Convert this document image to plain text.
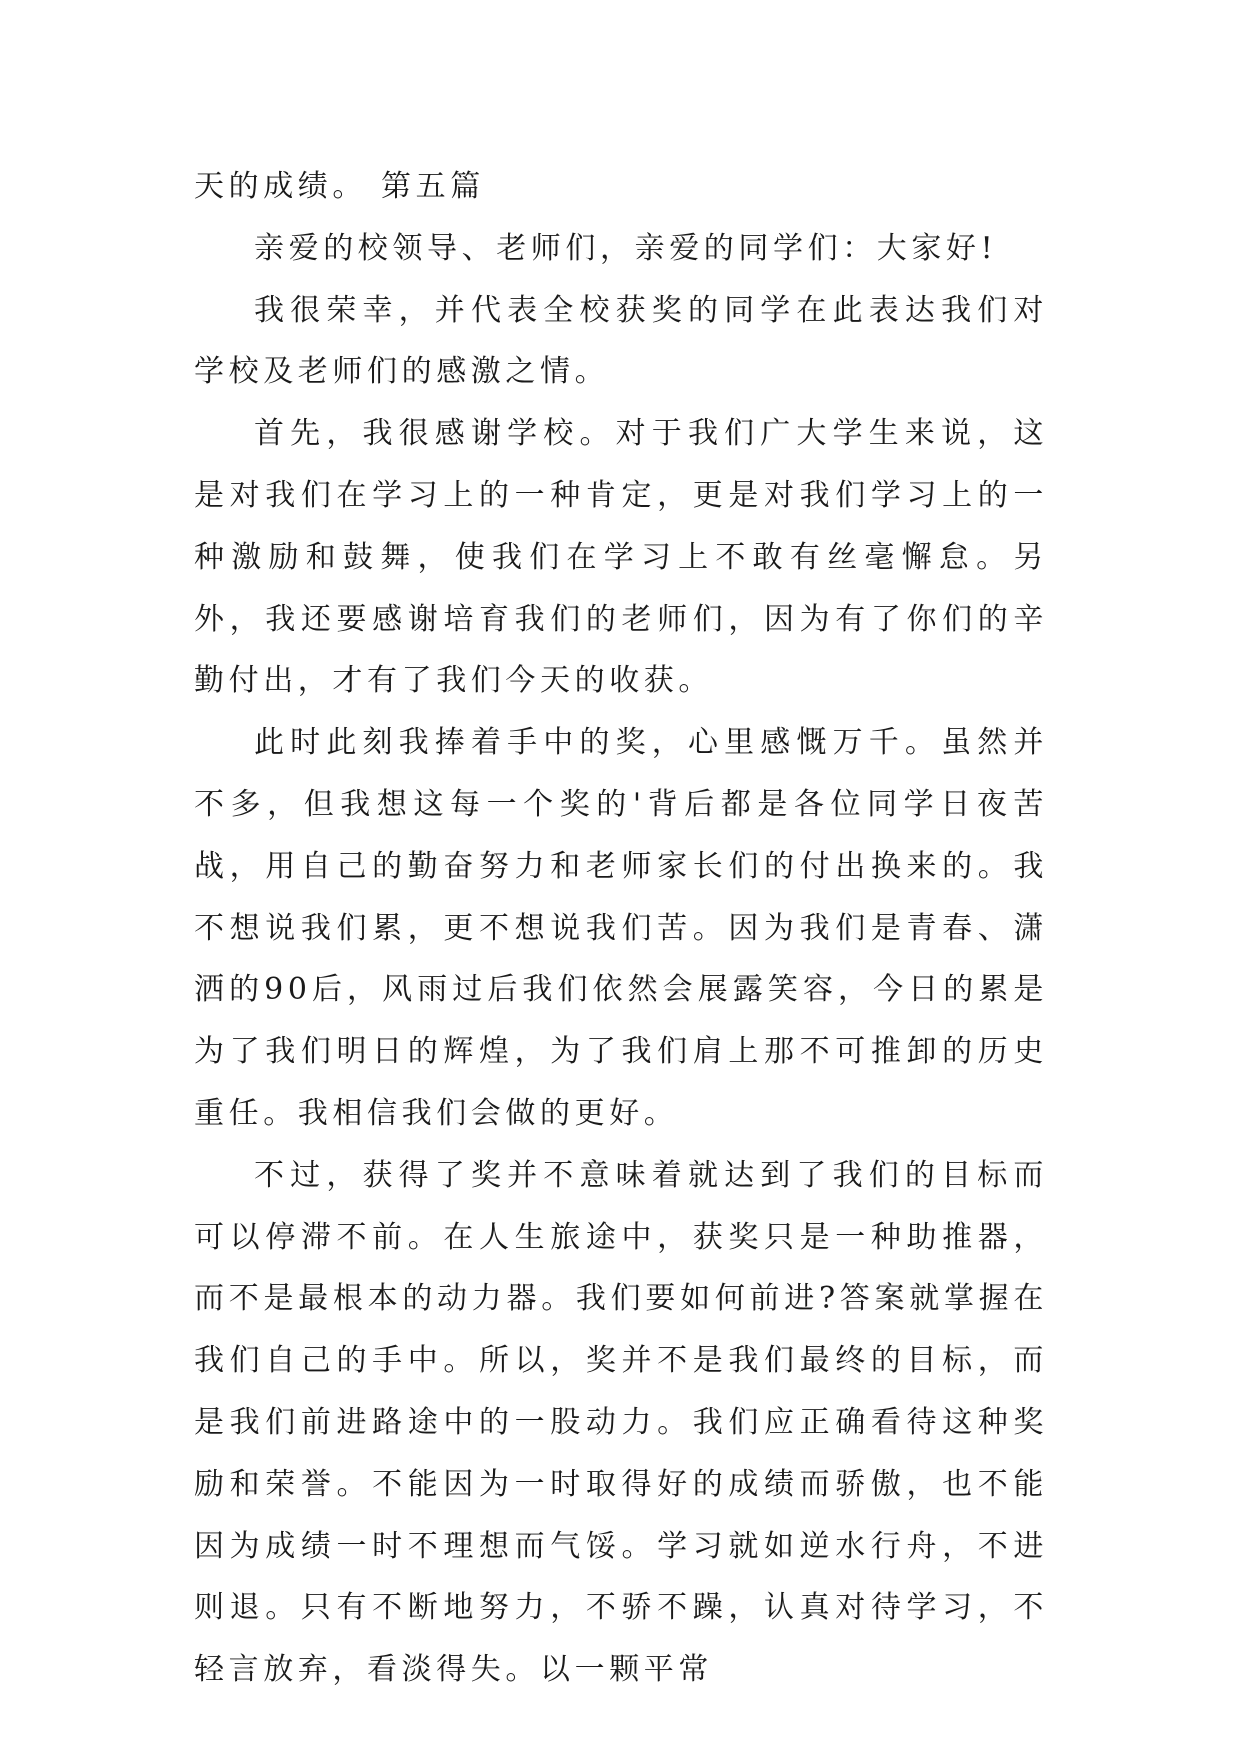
天的成绩。 第五篇

亲爱的校领导、老师们，亲爱的同学们：大家好!

我很荣幸，并代表全校获奖的同学在此表达我们对学校及老师们的感激之情。

首先，我很感谢学校。对于我们广大学生来说，这是对我们在学习上的一种肯定，更是对我们学习上的一种激励和鼓舞，使我们在学习上不敢有丝毫懈怠。另外，我还要感谢培育我们的老师们，因为有了你们的辛勤付出，才有了我们今天的收获。

此时此刻我捧着手中的奖，心里感慨万千。虽然并不多，但我想这每一个奖的'背后都是各位同学日夜苦战，用自己的勤奋努力和老师家长们的付出换来的。我不想说我们累，更不想说我们苦。因为我们是青春、潇洒的90后，风雨过后我们依然会展露笑容，今日的累是为了我们明日的辉煌，为了我们肩上那不可推卸的历史重任。我相信我们会做的更好。

不过，获得了奖并不意味着就达到了我们的目标而可以停滞不前。在人生旅途中，获奖只是一种助推器，而不是最根本的动力器。我们要如何前进?答案就掌握在我们自己的手中。所以，奖并不是我们最终的目标，而是我们前进路途中的一股动力。我们应正确看待这种奖励和荣誉。不能因为一时取得好的成绩而骄傲，也不能因为成绩一时不理想而气馁。学习就如逆水行舟，不进则退。只有不断地努力，不骄不躁，认真对待学习，不轻言放弃，看淡得失。以一颗平常
